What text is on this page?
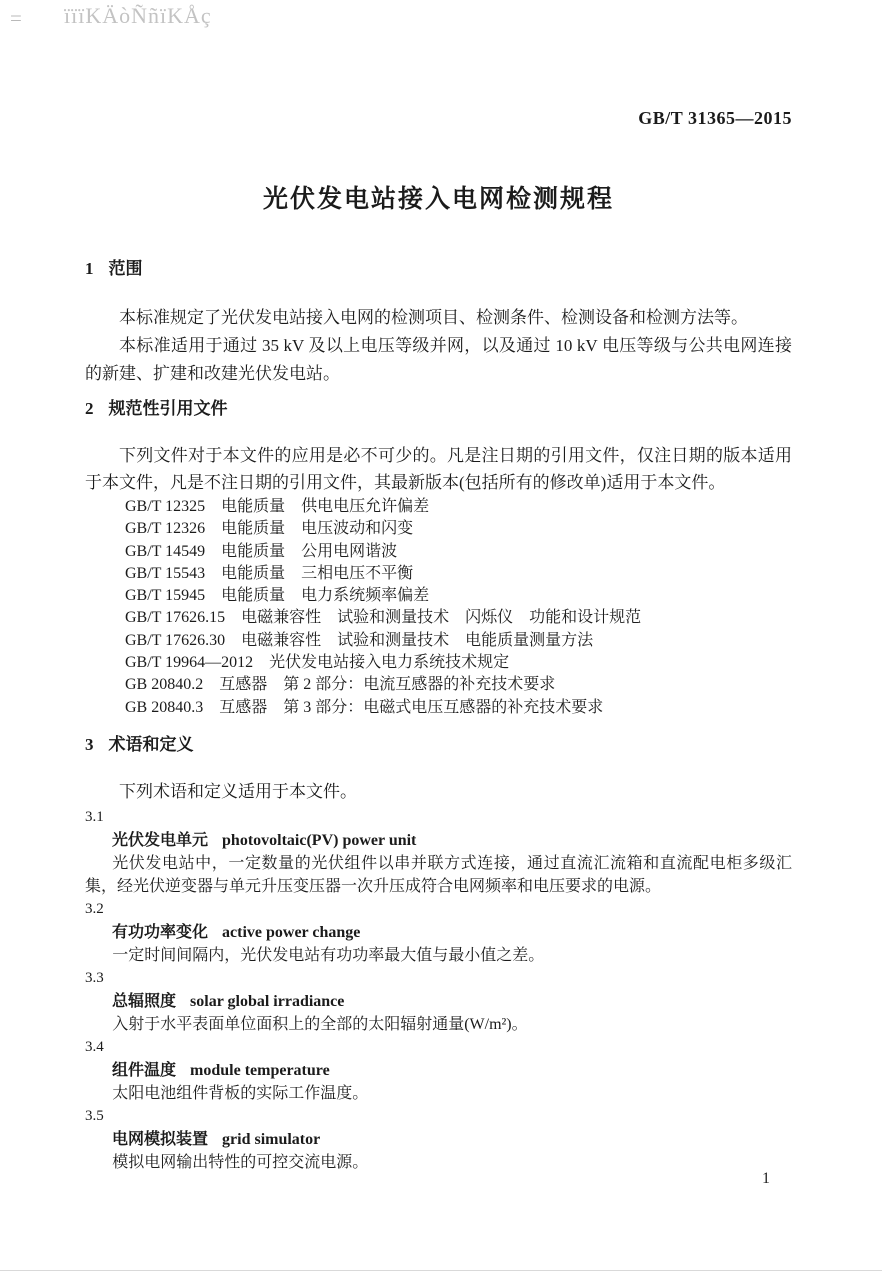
= ïïïKÄòÑñïKÅç
GB/T 31365—2015
光伏发电站接入电网检测规程
1 范围

本标准规定了光伏发电站接入电网的检测项目、检测条件、检测设备和检测方法等。

本标准适用于通过 35 kV 及以上电压等级并网，以及通过 10 kV 电压等级与公共电网连接的新建、扩建和改建光伏发电站。

2 规范性引用文件

下列文件对于本文件的应用是必不可少的。凡是注日期的引用文件，仅注日期的版本适用于本文件，凡是不注日期的引用文件，其最新版本(包括所有的修改单)适用于本文件。

GB/T 12325　电能质量　供电电压允许偏差
GB/T 12326　电能质量　电压波动和闪变
GB/T 14549　电能质量　公用电网谐波
GB/T 15543　电能质量　三相电压不平衡
GB/T 15945　电能质量　电力系统频率偏差
GB/T 17626.15　电磁兼容性　试验和测量技术　闪烁仪　功能和设计规范
GB/T 17626.30　电磁兼容性　试验和测量技术　电能质量测量方法
GB/T 19964—2012　光伏发电站接入电力系统技术规定
GB 20840.2　互感器　第 2 部分：电流互感器的补充技术要求
GB 20840.3　互感器　第 3 部分：电磁式电压互感器的补充技术要求
3 术语和定义

下列术语和定义适用于本文件。

3.1
光伏发电单元 photovoltaic(PV) power unit

光伏发电站中，一定数量的光伏组件以串并联方式连接，通过直流汇流箱和直流配电柜多级汇集，经光伏逆变器与单元升压变压器一次升压成符合电网频率和电压要求的电源。

3.2
有功功率变化 active power change

一定时间间隔内，光伏发电站有功功率最大值与最小值之差。

3.3
总辐照度 solar global irradiance

入射于水平表面单位面积上的全部的太阳辐射通量(W/m²)。

3.4
组件温度 module temperature

太阳电池组件背板的实际工作温度。

3.5
电网模拟装置 grid simulator

模拟电网输出特性的可控交流电源。

1
